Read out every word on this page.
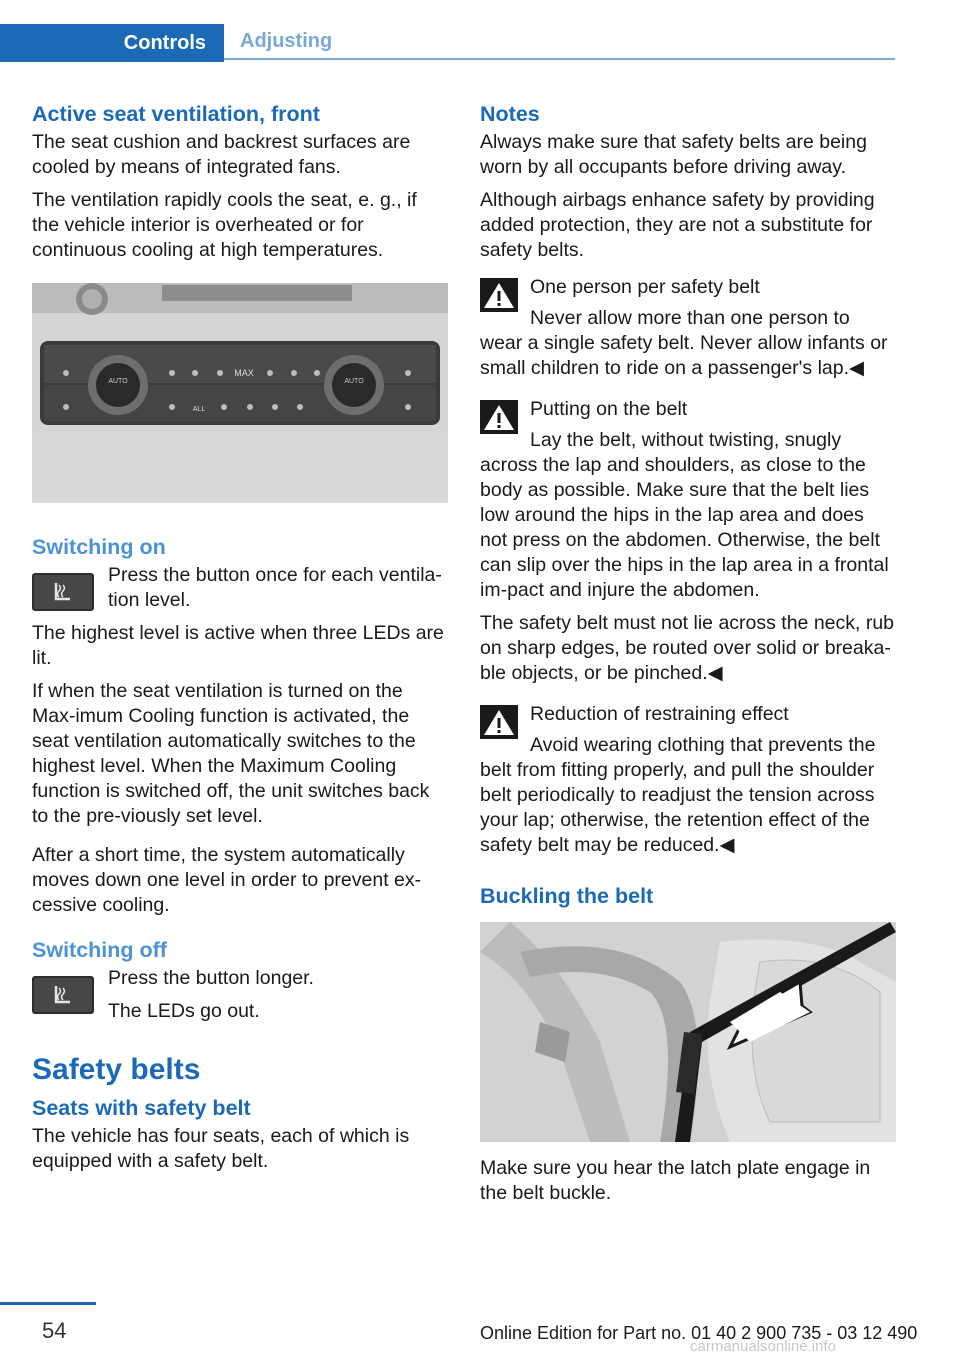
Controls	Adjusting
Active seat ventilation, front

The seat cushion and backrest surfaces are cooled by means of integrated fans.

The ventilation rapidly cools the seat, e. g., if the vehicle interior is overheated or for continuous cooling at high temperatures.

AUTO	AUTO
MAX
ALL
Switching on

Press the button once for each ventila‐tion level.

The highest level is active when three LEDs are lit.

If when the seat ventilation is turned on the Max‐imum Cooling function is activated, the seat ventilation automatically switches to the highest level. When the Maximum Cooling function is switched off, the unit switches back to the pre‐viously set level.

After a short time, the system automatically moves down one level in order to prevent ex‐cessive cooling.

Switching off

Press the button longer.

The LEDs go out.

Safety belts
Seats with safety belt

The vehicle has four seats, each of which is equipped with a safety belt.

Notes

Always make sure that safety belts are being worn by all occupants before driving away.

Although airbags enhance safety by providing added protection, they are not a substitute for safety belts.

One person per safety belt

Never allow more than one person to wear a single safety belt. Never allow infants or small children to ride on a passenger's lap.◀

Putting on the belt

Lay the belt, without twisting, snugly across the lap and shoulders, as close to the body as possible. Make sure that the belt lies low around the hips in the lap area and does not press on the abdomen. Otherwise, the belt can slip over the hips in the lap area in a frontal im‐pact and injure the abdomen.

The safety belt must not lie across the neck, rub on sharp edges, be routed over solid or breaka‐ble objects, or be pinched.◀

Reduction of restraining effect

Avoid wearing clothing that prevents the belt from fitting properly, and pull the shoulder belt periodically to readjust the tension across your lap; otherwise, the retention effect of the safety belt may be reduced.◀

Buckling the belt

Make sure you hear the latch plate engage in the belt buckle.

54	Online Edition for Part no. 01 40 2 900 735 - 03 12 490
carmanualsonline.info
